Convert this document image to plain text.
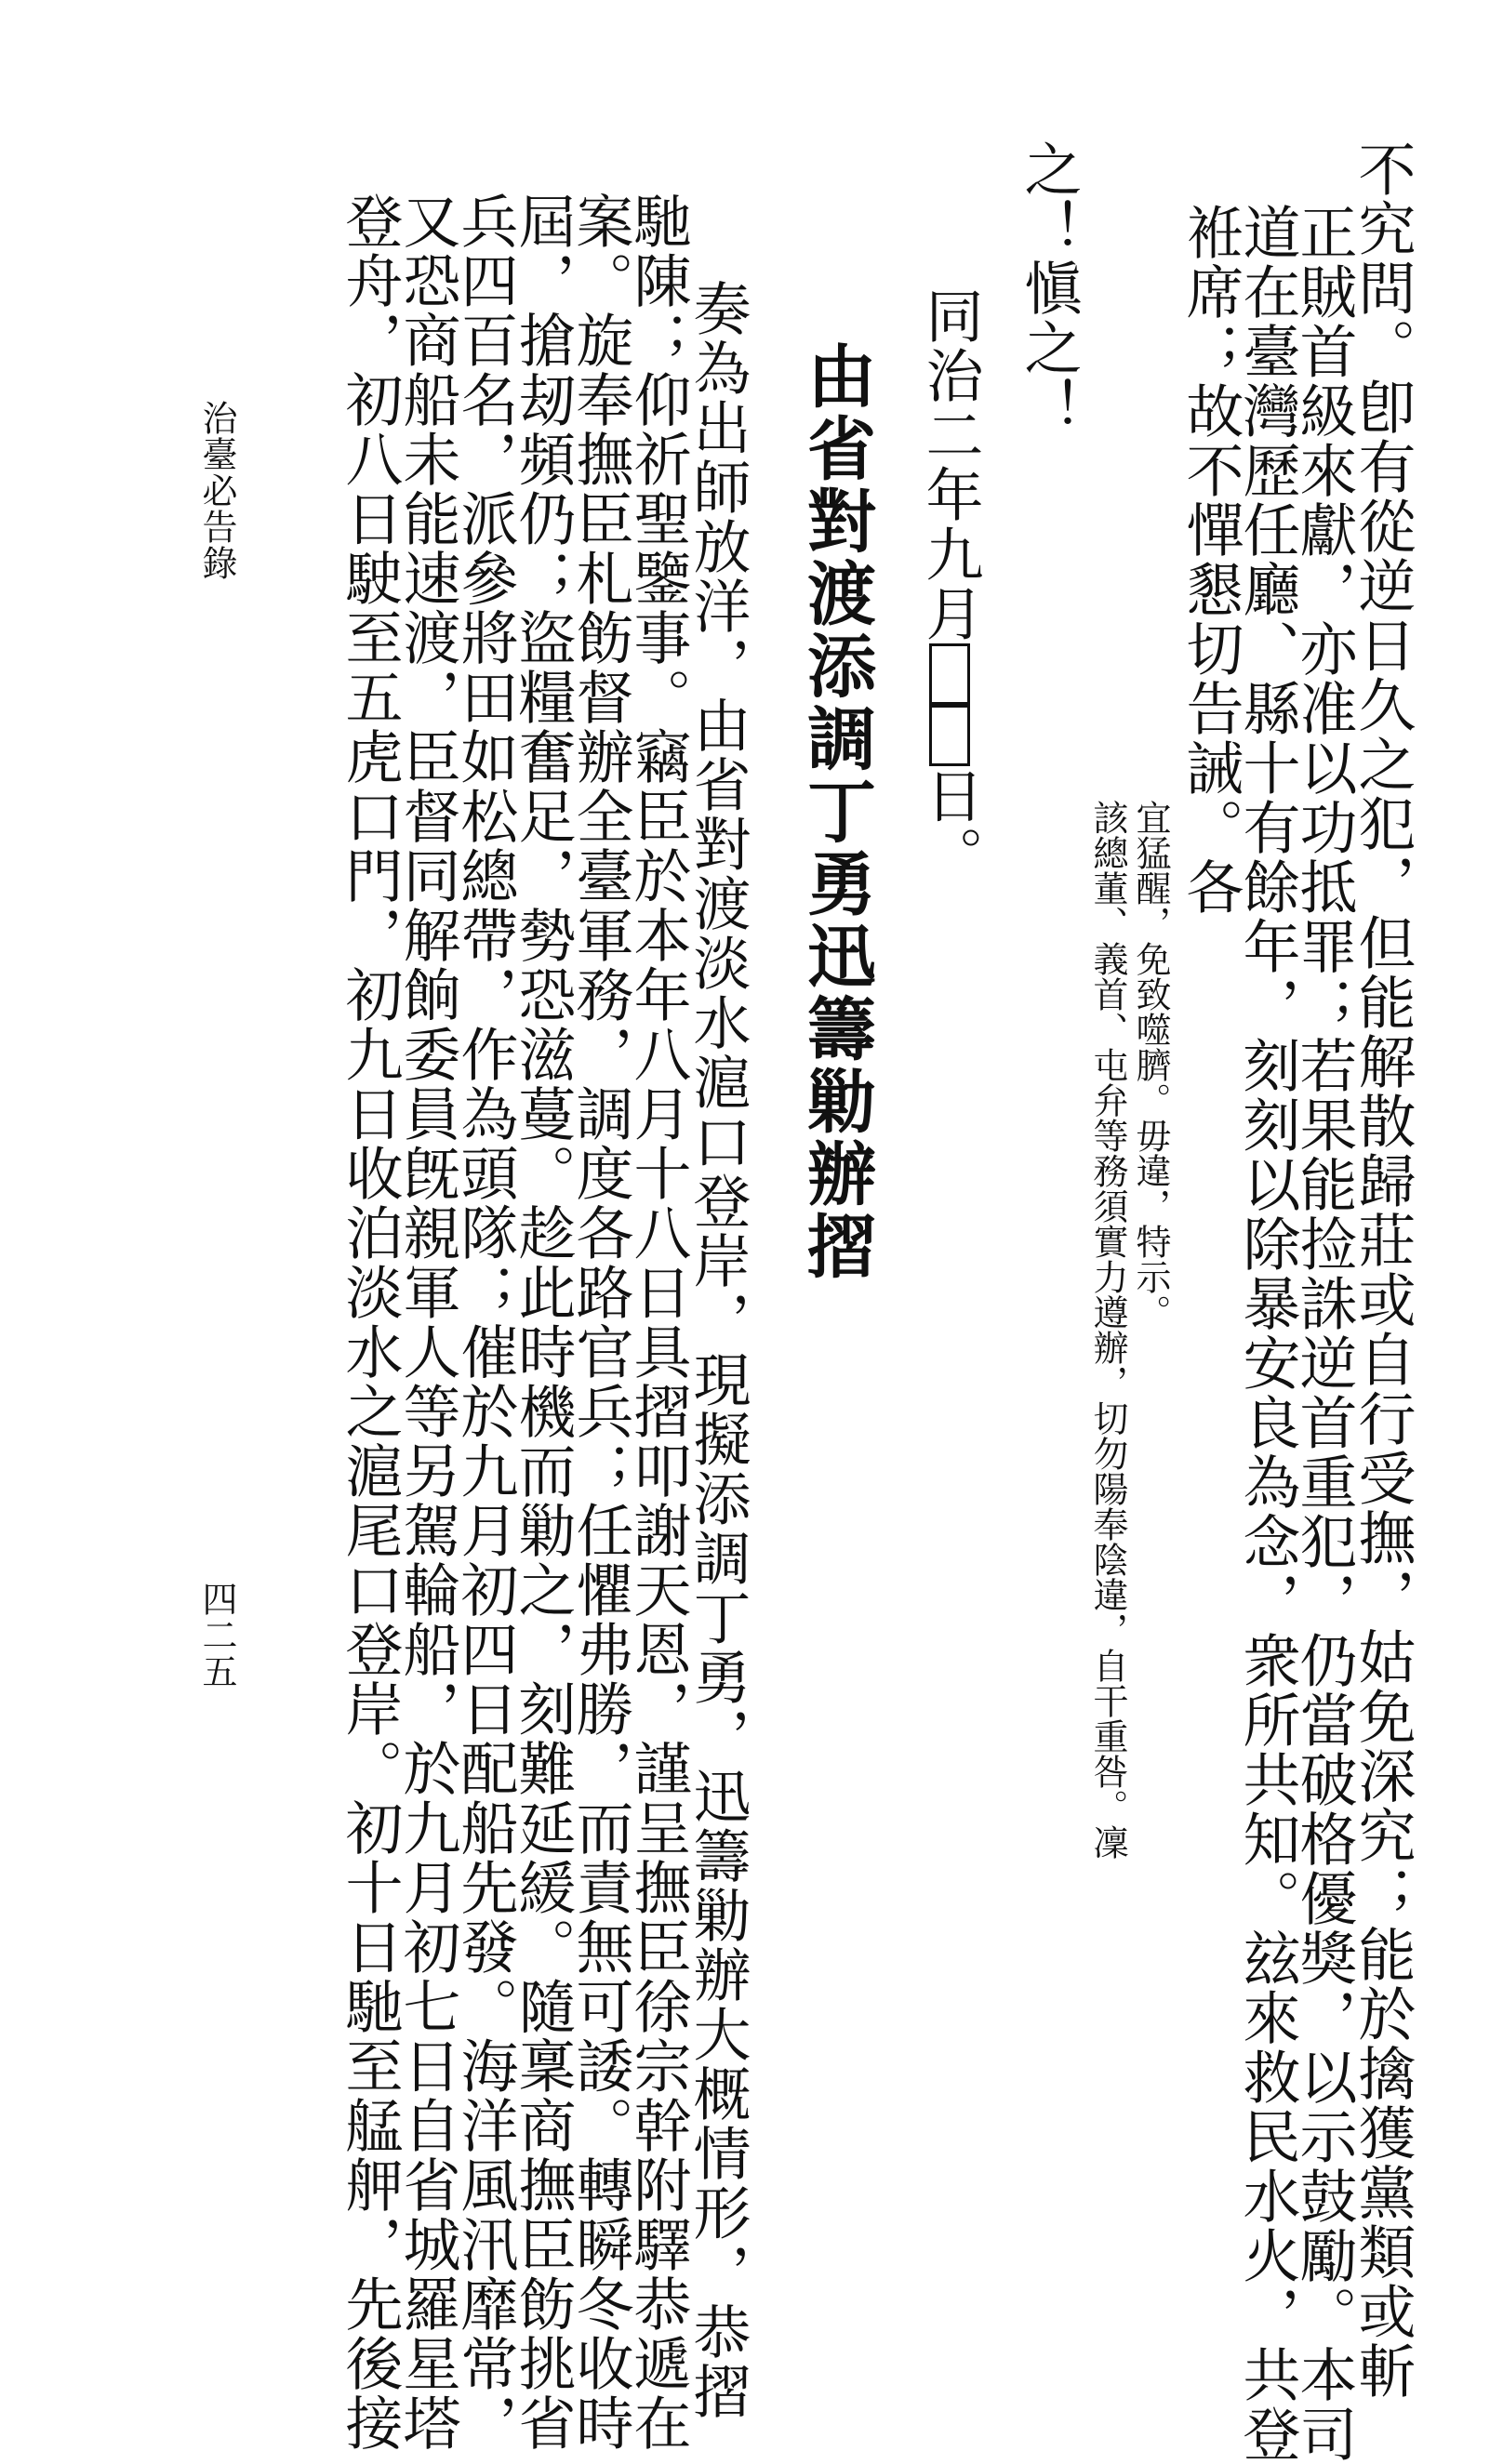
不究問。卽有從逆日久之犯，但能解散歸莊或自行受撫，姑免深究；能於擒獲黨類或斬
正賊首級來獻，亦准以功抵罪；若果能捡誅逆首重犯，仍當破格優獎，以示鼓勵。本司
道在臺灣歷任廳、縣十有餘年，刻刻以除暴安良為念，衆所共知。玆來救民水火，共登
袵席；故不憚懇切告誡。各
宜猛醒，免致噬臍。毋違，特示。
該總董、義首、屯弁等務須實力遵辦，切勿陽奉陰違，自干重咎。凜
之！愼之！
同治二年九月日。
由省對渡添調丁勇迅籌勦辦摺
奏為出師放洋，由省對渡淡水滬口登岸，現擬添調丁勇，迅籌勦辦大概情形，恭摺
馳陳；仰祈聖鑒事。竊臣於本年八月十八日具摺叩謝天恩，謹呈撫臣徐宗幹附驛恭遞在
案。旋奉撫臣札飭督辦全臺軍務，調度各路官兵；任懼弗勝，而責無可諉。轉瞬冬收時
屆，搶刼頻仍；盜糧奮足，勢恐滋蔓。趁此時機而勦之，刻難延緩。隨稟商撫臣飭挑省
兵四百名，派參將田如松總帶，作為頭隊；催於九月初四日配船先發。海洋風汛靡常，
又恐商船未能速渡，臣督同解餉委員旣親軍人等另駕輪船，於九月初七日自省城羅星塔
登舟，初八日駛至五虎口門，初九日收泊淡水之滬尾口登岸。初十日馳至艋舺，先後接
治臺必告錄
四二五
